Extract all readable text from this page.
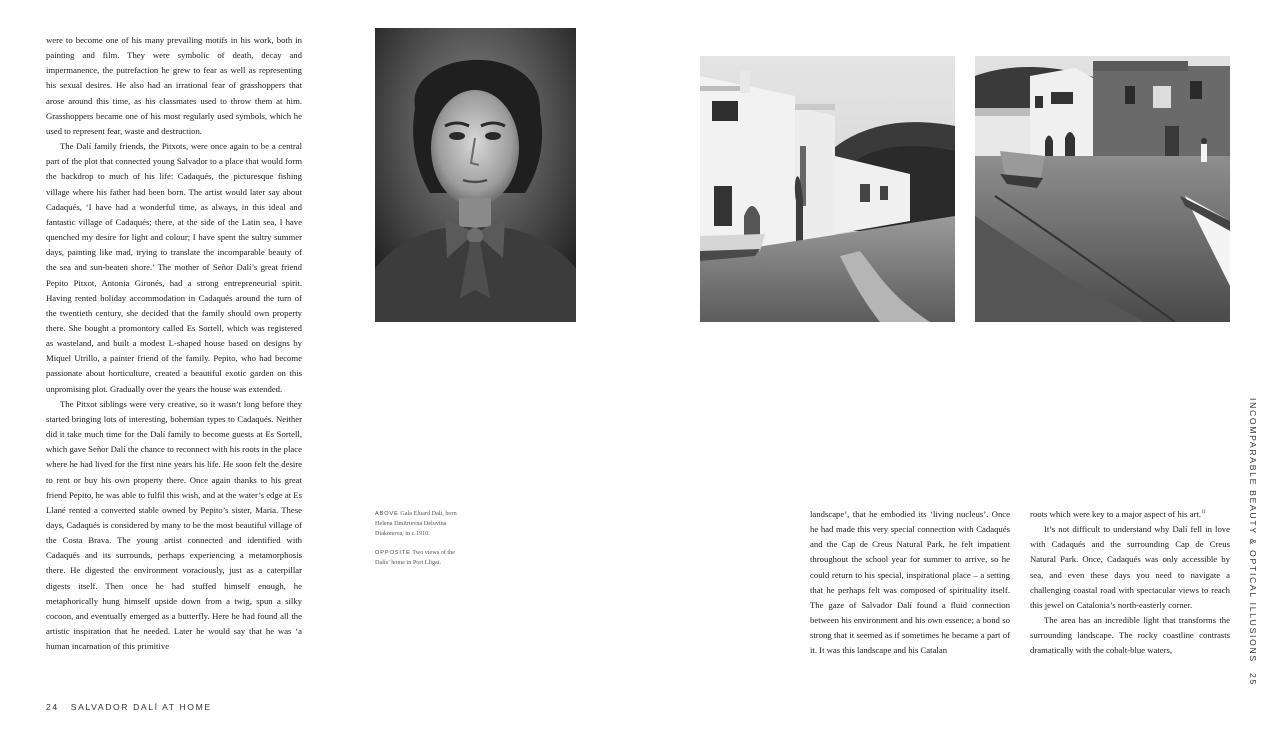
were to become one of his many prevailing motifs in his work, both in painting and film. They were symbolic of death, decay and impermanence, the putrefaction he grew to fear as well as representing his sexual desires. He also had an irrational fear of grasshoppers that arose around this time, as his classmates used to throw them at him. Grasshoppers became one of his most regularly used symbols, which he used to represent fear, waste and destruction.

The Dalí family friends, the Pitxots, were once again to be a central part of the plot that connected young Salvador to a place that would form the backdrop to much of his life: Cadaqués, the picturesque fishing village where his father had been born. The artist would later say about Cadaqués, ‘I have had a wonderful time, as always, in this ideal and fantastic village of Cadaqués; there, at the side of the Latin sea, I have quenched my desire for light and colour; I have spent the sultry summer days, painting like mad, trying to translate the incomparable beauty of the sea and sun-beaten shore.’ The mother of Señor Dalí’s great friend Pepito Pitxot, Antonia Gironés, had a strong entrepreneurial spirit. Having rented holiday accommodation in Cadaqués around the turn of the twentieth century, she decided that the family should own property there. She bought a promontory called Es Sortell, which was registered as wasteland, and built a modest L-shaped house based on designs by Miquel Utrillo, a painter friend of the family. Pepito, who had become passionate about horticulture, created a beautiful exotic garden on this unpromising plot. Gradually over the years the house was extended.

The Pitxot siblings were very creative, so it wasn’t long before they started bringing lots of interesting, bohemian types to Cadaqués. Neither did it take much time for the Dalí family to become guests at Es Sortell, which gave Señor Dalí the chance to reconnect with his roots in the place where he had lived for the first nine years his life. He soon felt the desire to rent or buy his own property there. Once again thanks to his great friend Pepito, he was able to fulfil this wish, and at the water’s edge at Es Llané rented a converted stable owned by Pepito’s sister, Maria. These days, Cadaqués is considered by many to be the most beautiful village of the Costa Brava. The young artist connected and identified with Cadaqués and its surrounds, perhaps experiencing a metamorphosis there. He digested the environment voraciously, just as a caterpillar digests itself. Then once he had stuffed himself enough, he metaphorically hung himself upside down from a twig, spun a silky cocoon, and eventually emerged as a butterfly. Here he had found all the artistic inspiration that he needed. Later he would say that he was ‘a human incarnation of this primitive

ABOVE Gala Eluard Dalí, born Helena Dmitrievna Deluvina Diakonova, in c.1910.
OPPOSITE Two views of the Dalís’ home in Port Lligat.

landscape’, that he embodied its ‘living nucleus’. Once he had made this very special connection with Cadaqués and the Cap de Creus Natural Park, he felt impatient throughout the school year for summer to arrive, so he could return to his special, inspirational place – a setting that he perhaps felt was composed of spirituality itself. The gaze of Salvador Dalí found a fluid connection between his environment and his own essence; a bond so strong that it seemed as if sometimes he became a part of it. It was this landscape and his Catalan

roots which were key to a major aspect of his art.$^{11}$

It’s not difficult to understand why Dalí fell in love with Cadaqués and the surrounding Cap de Creus Natural Park. Once, Cadaqués was only accessible by sea, and even these days you need to navigate a challenging coastal road with spectacular views to reach this jewel on Catalonia’s north-easterly corner.

The area has an incredible light that transforms the surrounding landscape. The rocky coastline contrasts dramatically with the cobalt-blue waters,

24 SALVADOR DALÍ AT HOME
INCOMPARABLE BEAUTY & OPTICAL ILLUSIONS25
